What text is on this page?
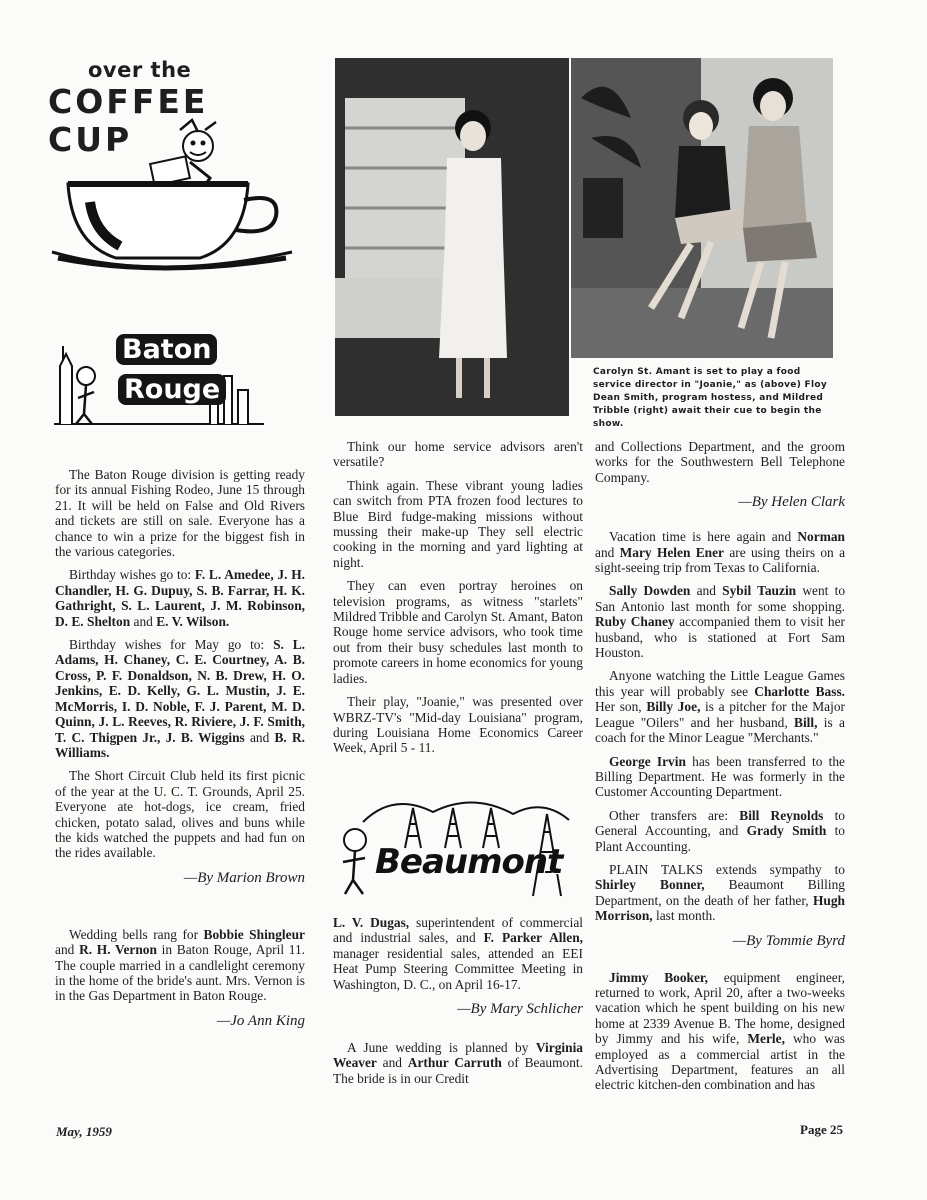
over the
COFFEE
CUP
Baton
Rouge
Carolyn St. Amant is set to play a food service director in "Joanie," as (above) Floy Dean Smith, program hostess, and Mildred Tribble (right) await their cue to begin the show.

The Baton Rouge division is getting ready for its annual Fishing Rodeo, June 15 through 21. It will be held on False and Old Rivers and tickets are still on sale. Everyone has a chance to win a prize for the biggest fish in the various categories.

Birthday wishes go to: F. L. Amedee, J. H. Chandler, H. G. Dupuy, S. B. Farrar, H. K. Gathright, S. L. Laurent, J. M. Robinson, D. E. Shelton and E. V. Wilson.

Birthday wishes for May go to: S. L. Adams, H. Chaney, C. E. Courtney, A. B. Cross, P. F. Donaldson, N. B. Drew, H. O. Jenkins, E. D. Kelly, G. L. Mustin, J. E. McMorris, I. D. Noble, F. J. Parent, M. D. Quinn, J. L. Reeves, R. Riviere, J. F. Smith, T. C. Thigpen Jr., J. B. Wiggins and B. R. Williams.

The Short Circuit Club held its first picnic of the year at the U. C. T. Grounds, April 25. Everyone ate hot-dogs, ice cream, fried chicken, potato salad, olives and buns while the kids watched the puppets and had fun on the rides available.

—By Marion Brown

Wedding bells rang for Bobbie Shingleur and R. H. Vernon in Baton Rouge, April 11. The couple married in a candlelight ceremony in the home of the bride's aunt. Mrs. Vernon is in the Gas Department in Baton Rouge.

—Jo Ann King

Think our home service advisors aren't versatile?

Think again. These vibrant young ladies can switch from PTA frozen food lectures to Blue Bird fudge-making missions without mussing their make-up They sell electric cooking in the morning and yard lighting at night.

They can even portray heroines on television programs, as witness "starlets" Mildred Tribble and Carolyn St. Amant, Baton Rouge home service advisors, who took time out from their busy schedules last month to promote careers in home economics for young ladies.

Their play, "Joanie," was presented over WBRZ-TV's "Mid-day Louisiana" program, during Louisiana Home Economics Career Week, April 5 - 11.

Beaumont

L. V. Dugas, superintendent of commercial and industrial sales, and F. Parker Allen, manager residential sales, attended an EEI Heat Pump Steering Committee Meeting in Washington, D. C., on April 16-17.

—By Mary Schlicher

A June wedding is planned by Virginia Weaver and Arthur Carruth of Beaumont. The bride is in our Credit

and Collections Department, and the groom works for the Southwestern Bell Telephone Company.

—By Helen Clark

Vacation time is here again and Norman and Mary Helen Ener are using theirs on a sight-seeing trip from Texas to California.

Sally Dowden and Sybil Tauzin went to San Antonio last month for some shopping. Ruby Chaney accompanied them to visit her husband, who is stationed at Fort Sam Houston.

Anyone watching the Little League Games this year will probably see Charlotte Bass. Her son, Billy Joe, is a pitcher for the Major League "Oilers" and her husband, Bill, is a coach for the Minor League "Merchants."

George Irvin has been transferred to the Billing Department. He was formerly in the Customer Accounting Department.

Other transfers are: Bill Reynolds to General Accounting, and Grady Smith to Plant Accounting.

PLAIN TALKS extends sympathy to Shirley Bonner, Beaumont Billing Department, on the death of her father, Hugh Morrison, last month.

—By Tommie Byrd

Jimmy Booker, equipment engineer, returned to work, April 20, after a two-weeks vacation which he spent building on his new home at 2339 Avenue B. The home, designed by Jimmy and his wife, Merle, who was employed as a commercial artist in the Advertising Department, features an all electric kitchen-den combination and has

May, 1959	Page 25
